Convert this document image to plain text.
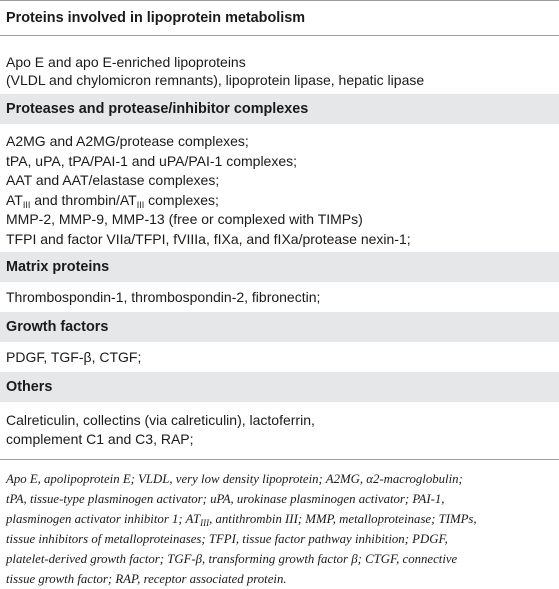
Proteins involved in lipoprotein metabolism
Apo E and apo E-enriched lipoproteins
(VLDL and chylomicron remnants), lipoprotein lipase, hepatic lipase
Proteases and protease/inhibitor complexes
A2MG and A2MG/protease complexes;
tPA, uPA, tPA/PAI-1 and uPA/PAI-1 complexes;
AAT and AAT/elastase complexes;
$AT_{III}$ and thrombin/$AT_{III}$ complexes;
MMP-2, MMP-9, MMP-13 (free or complexed with TIMPs)
TFPI and factor VIIa/TFPI, fVIIIa, fIXa, and fIXa/protease nexin-1;
Matrix proteins
Thrombospondin-1, thrombospondin-2, fibronectin;
Growth factors
PDGF, TGF-β, CTGF;
Others
Calreticulin, collectins (via calreticulin), lactoferrin,
complement C1 and C3, RAP;
Apo E, apolipoprotein E; VLDL, very low density lipoprotein; A2MG, α2-macroglobulin;
tPA, tissue-type plasminogen activator; uPA, urokinase plasminogen activator; PAI-1,
plasminogen activator inhibitor 1; $AT_{III}$, antithrombin III; MMP, metalloproteinase; TIMPs,
tissue inhibitors of metalloproteinases; TFPI, tissue factor pathway inhibition; PDGF,
platelet-derived growth factor; TGF-β, transforming growth factor β; CTGF, connective
tissue growth factor; RAP, receptor associated protein.
